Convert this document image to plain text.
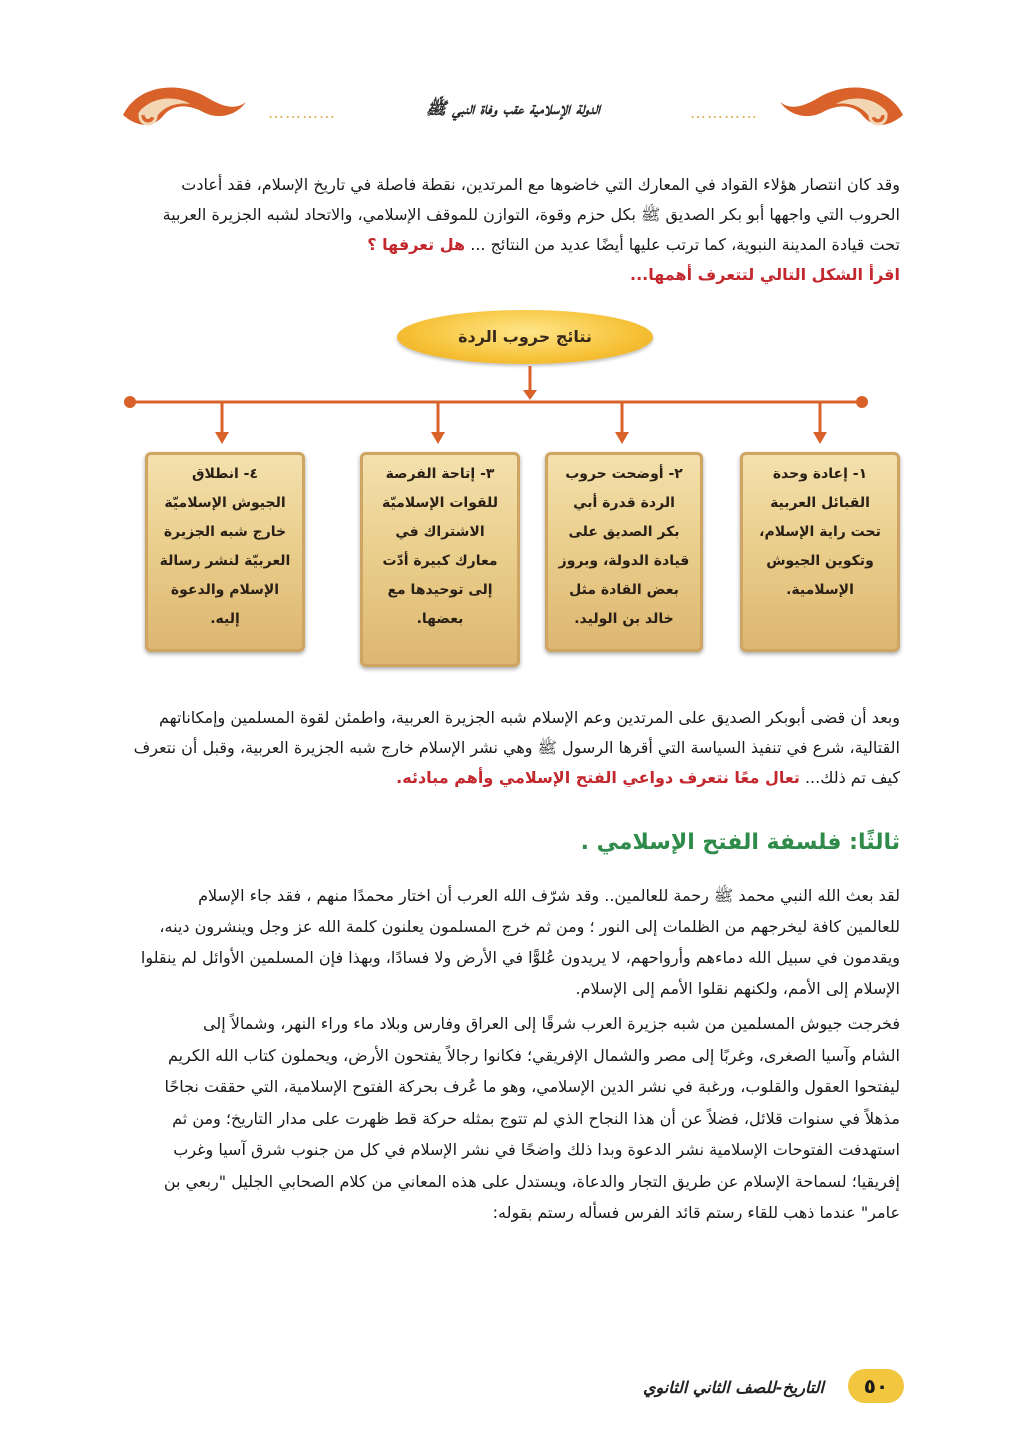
…………	…………
الدولة الإسلامية عقب وفاة النبي ﷺ

وقد كان انتصار هؤلاء القواد في المعارك التي خاضوها مع المرتدين، نقطة فاصلة في تاريخ الإسلام، فقد أعادت

الحروب التي واجهها أبو بكر الصديق ﷺ بكل حزم وقوة، التوازن للموقف الإسلامي، والاتحاد لشبه الجزيرة العربية

تحت قيادة المدينة النبوية، كما ترتب عليها أيضًا عديد من النتائج ... هل تعرفها ؟

اقرأ الشكل التالي لتتعرف أهمها...

نتائج حروب الردة
١- إعادة وحدة
القبائل العربية
تحت راية الإسلام،
وتكوين الجيوش
الإسلامية.
٢- أوضحت حروب
الردة قدرة أبي
بكر الصديق على
قيادة الدولة، وبروز
بعض القادة مثل
خالد بن الوليد.
٣- إتاحة الفرصة
للقوات الإسلاميّة
الاشتراك في
معارك كبيرة أدّت
إلى توحيدها مع
بعضها.
٤- انطلاق
الجيوش الإسلاميّة
خارج شبه الجزيرة
العربيّة لنشر رسالة
الإسلام والدعوة
إليه.

وبعد أن قضى أبوبكر الصديق على المرتدين وعم الإسلام شبه الجزيرة العربية، واطمئن لقوة المسلمين وإمكاناتهم

القتالية، شرع في تنفيذ السياسة التي أقرها الرسول ﷺ وهي نشر الإسلام خارج شبه الجزيرة العربية، وقبل أن نتعرف

كيف تم ذلك... تعال معًا نتعرف دواعي الفتح الإسلامي وأهم مبادئه.

ثالثًا: فلسفة الفتح الإسلامي .

لقد بعث الله النبي محمد ﷺ رحمة للعالمين.. وقد شرّف الله العرب أن اختار محمدًا منهم ، فقد جاء الإسلام

للعالمين كافة ليخرجهم من الظلمات إلى النور ؛ ومن ثم خرج المسلمون يعلنون كلمة الله عز وجل وينشرون دينه،

ويقدمون في سبيل الله دماءهم وأرواحهم، لا يريدون عُلوًّا في الأرض ولا فسادًا، وبهذا فإن المسلمين الأوائل لم ينقلوا

الإسلام إلى الأمم، ولكنهم نقلوا الأمم إلى الإسلام.

فخرجت جيوش المسلمين من شبه جزيرة العرب شرقًا إلى العراق وفارس وبلاد ماء وراء النهر، وشمالاً إلى

الشام وآسيا الصغرى، وغربًا إلى مصر والشمال الإفريقي؛ فكانوا رجالاً يفتحون الأرض، ويحملون كتاب الله الكريم

ليفتحوا العقول والقلوب، ورغبة في نشر الدين الإسلامي، وهو ما عُرف بحركة الفتوح الإسلامية، التي حققت نجاحًا

مذهلاً في سنوات قلائل، فضلاً عن أن هذا النجاح الذي لم تتوج بمثله حركة قط ظهرت على مدار التاريخ؛ ومن ثم

استهدفت الفتوحات الإسلامية نشر الدعوة وبدا ذلك واضحًا في نشر الإسلام في كل من جنوب شرق آسيا وغرب

إفريقيا؛ لسماحة الإسلام عن طريق التجار والدعاة، ويستدل على هذه المعاني من كلام الصحابي الجليل "ربعي بن

عامر" عندما ذهب للقاء رستم قائد الفرس فسأله رستم بقوله:

التاريخ-للصف الثاني الثانوي	٥٠
